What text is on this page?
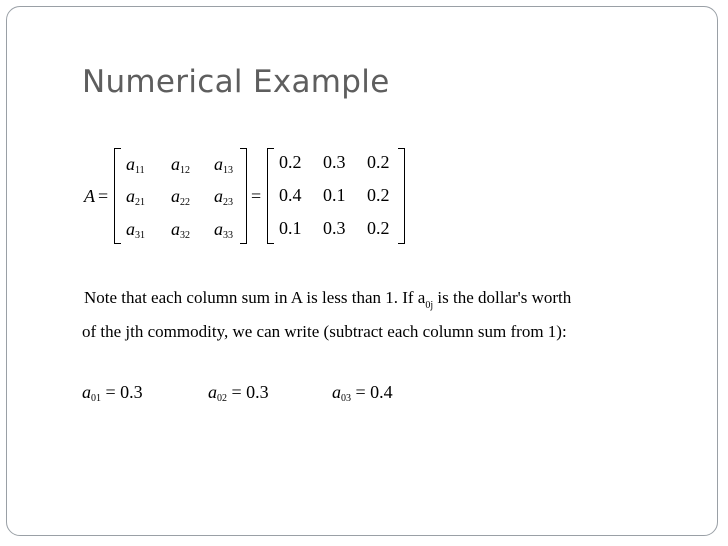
Numerical Example
A =
$a_{11}$ $a_{12}$ $a_{13}$
$a_{21}$ $a_{22}$ $a_{23}$
$a_{31}$ $a_{32}$ $a_{33}$
=
0.2 0.3 0.2
0.4 0.1 0.2
0.1 0.3 0.2
Note that each column sum in A is less than 1. If $a_{0j}$ is the dollar's worth
of the jth commodity, we can write (subtract each column sum from 1):
$a_{01} = 0.3$	$a_{02} = 0.3$	$a_{03} = 0.4$
